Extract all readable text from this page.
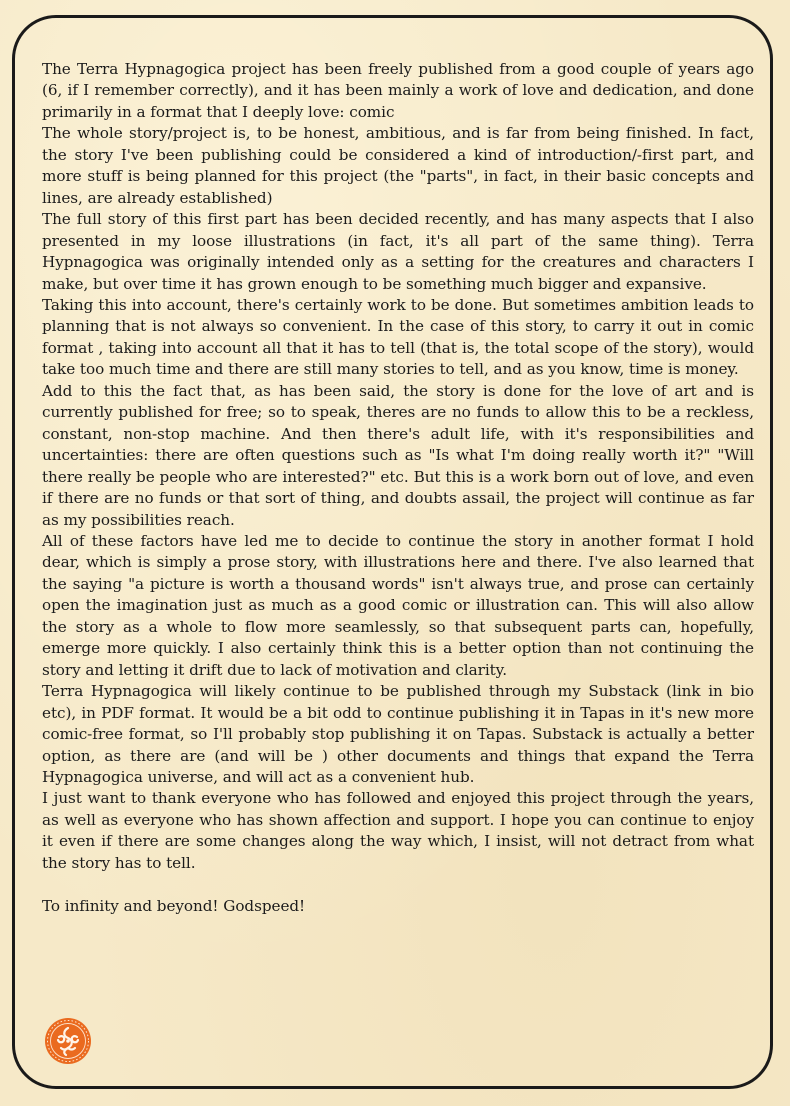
The Terra Hypnagogica project has been freely published from a good couple of years ago (6, if I remember correctly), and it has been mainly a work of love and dedication, and done primarily in a format that I deeply love: comic

The whole story/project is, to be honest, ambitious, and is far from being finished. In fact, the story I've been publishing could be considered a kind of introduction/-first part, and more stuff is being planned for this project (the "parts", in fact, in their basic concepts and lines, are already established)

The full story of this first part has been decided recently, and has many aspects that I also presented in my loose illustrations (in fact, it's all part of the same thing). Terra Hypnagogica was originally intended only as a setting for the creatures and characters I make, but over time it has grown enough to be something much bigger and expansive.

Taking this into account, there's certainly work to be done. But sometimes ambition leads to planning that is not always so convenient. In the case of this story, to carry it out in comic format , taking into account all that it has to tell (that is, the total scope of the story), would take too much time and there are still many stories to tell, and as you know, time is money.

Add to this the fact that, as has been said, the story is done for the love of art and is currently published for free; so to speak, theres are no funds to allow this to be a reckless, constant, non-stop machine. And then there's adult life, with it's responsibilities and uncertainties: there are often questions such as "Is what I'm doing really worth it?" "Will there really be people who are interested?" etc. But this is a work born out of love, and even if there are no funds or that sort of thing, and doubts assail, the project will continue as far as my possibilities reach.

All of these factors have led me to decide to continue the story in another format I hold dear, which is simply a prose story, with illustrations here and there. I've also learned that the saying "a picture is worth a thousand words" isn't always true, and prose can certainly open the imagination just as much as a good comic or illustration can. This will also allow the story as a whole to flow more seamlessly, so that subsequent parts can, hopefully, emerge more quickly. I also certainly think this is a better option than not continuing the story and letting it drift due to lack of motivation and clarity.

Terra Hypnagogica will likely continue to be published through my Substack (link in bio etc), in PDF format. It would be a bit odd to continue publishing it in Tapas in it's new more comic-free format, so I'll probably stop publishing it on Tapas. Substack is actually a better option, as there are (and will be ) other documents and things that expand the Terra Hypnagogica universe, and will act as a convenient hub.

I just want to thank everyone who has followed and enjoyed this project through the years, as well as everyone who has shown affection and support. I hope you can continue to enjoy it even if there are some changes along the way which, I insist, will not detract from what the story has to tell.

To infinity and beyond! Godspeed!
